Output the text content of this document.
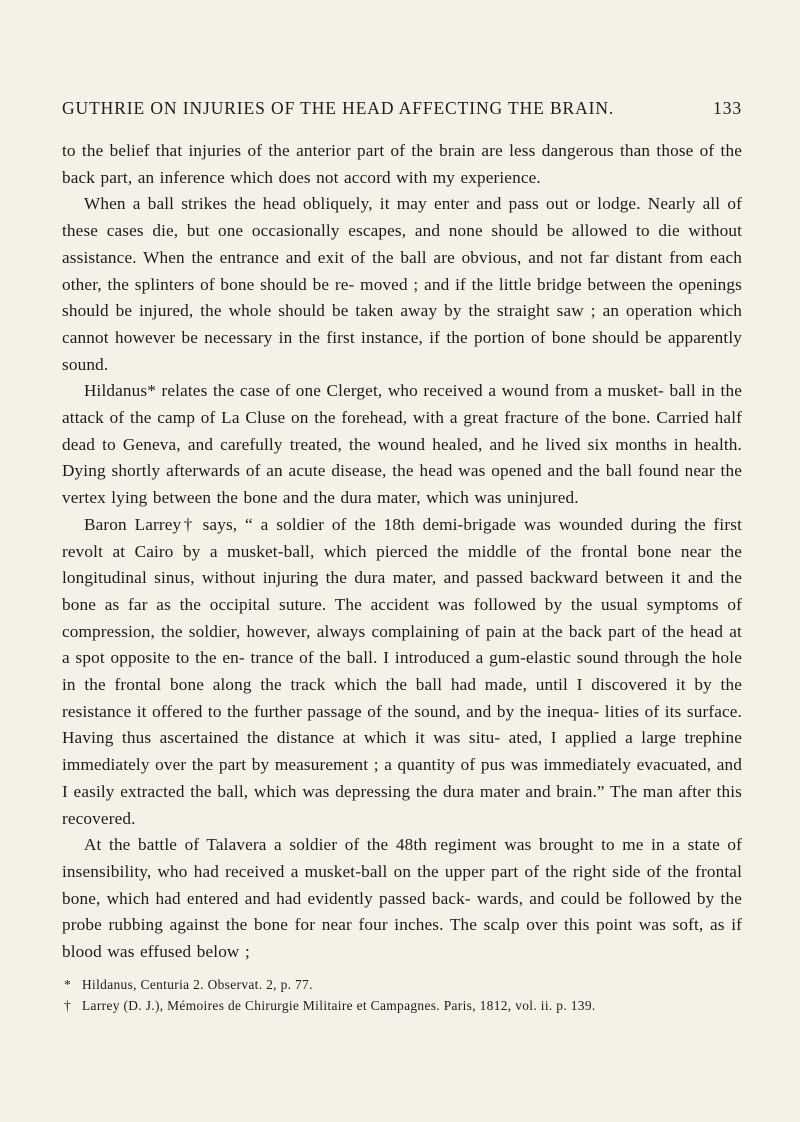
GUTHRIE ON INJURIES OF THE HEAD AFFECTING THE BRAIN.	133

to the belief that injuries of the anterior part of the brain are less dangerous than those of the back part, an inference which does not accord with my experience.

When a ball strikes the head obliquely, it may enter and pass out or lodge. Nearly all of these cases die, but one occasionally escapes, and none should be allowed to die without assistance. When the entrance and exit of the ball are obvious, and not far distant from each other, the splinters of bone should be re- moved ; and if the little bridge between the openings should be injured, the whole should be taken away by the straight saw ; an operation which cannot however be necessary in the first instance, if the portion of bone should be apparently sound.

Hildanus* relates the case of one Clerget, who received a wound from a musket- ball in the attack of the camp of La Cluse on the forehead, with a great fracture of the bone. Carried half dead to Geneva, and carefully treated, the wound healed, and he lived six months in health. Dying shortly afterwards of an acute disease, the head was opened and the ball found near the vertex lying between the bone and the dura mater, which was uninjured.

Baron Larrey† says, “ a soldier of the 18th demi-brigade was wounded during the first revolt at Cairo by a musket-ball, which pierced the middle of the frontal bone near the longitudinal sinus, without injuring the dura mater, and passed backward between it and the bone as far as the occipital suture. The accident was followed by the usual symptoms of compression, the soldier, however, always complaining of pain at the back part of the head at a spot opposite to the en- trance of the ball. I introduced a gum-elastic sound through the hole in the frontal bone along the track which the ball had made, until I discovered it by the resistance it offered to the further passage of the sound, and by the inequa- lities of its surface. Having thus ascertained the distance at which it was situ- ated, I applied a large trephine immediately over the part by measurement ; a quantity of pus was immediately evacuated, and I easily extracted the ball, which was depressing the dura mater and brain.” The man after this recovered.

At the battle of Talavera a soldier of the 48th regiment was brought to me in a state of insensibility, who had received a musket-ball on the upper part of the right side of the frontal bone, which had entered and had evidently passed back- wards, and could be followed by the probe rubbing against the bone for near four inches. The scalp over this point was soft, as if blood was effused below ;

* Hildanus, Centuria 2. Observat. 2, p. 77.
† Larrey (D. J.), Mémoires de Chirurgie Militaire et Campagnes. Paris, 1812, vol. ii. p. 139.
